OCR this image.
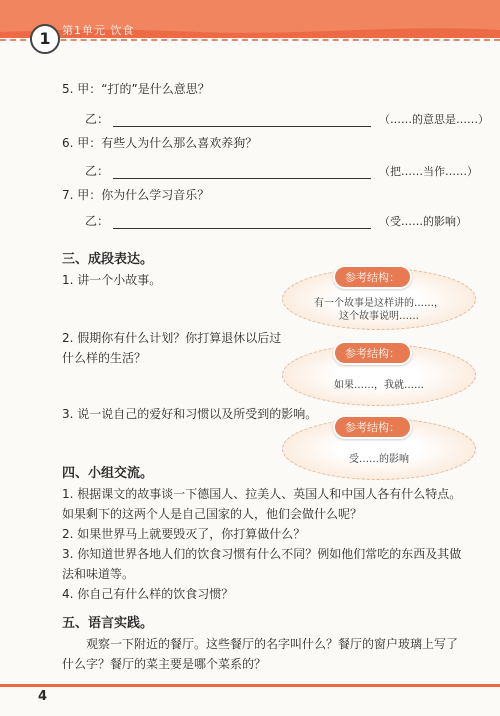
1	第1单元 饮食
5. 甲：“打的”是什么意思？
乙：	（……的意思是……）
6. 甲：有些人为什么那么喜欢养狗？
乙：	（把……当作……）
7. 甲：你为什么学习音乐？
乙：	（受……的影响）
三、成段表达。
1. 讲一个小故事。
2. 假期你有什么计划？你打算退休以后过什么样的生活？
3. 说一说自己的爱好和习惯以及所受到的影响。
参考结构：
有一个故事是这样讲的……，
这个故事说明……
参考结构：
如果……，我就……
参考结构：
受……的影响
四、小组交流。
1. 根据课文的故事谈一下德国人、拉美人、英国人和中国人各有什么特点。如果剩下的这两个人是自己国家的人，他们会做什么呢？
2. 如果世界马上就要毁灭了，你打算做什么？
3. 你知道世界各地人们的饮食习惯有什么不同？例如他们常吃的东西及其做法和味道等。
4. 你自己有什么样的饮食习惯？
五、语言实践。
观察一下附近的餐厅。这些餐厅的名字叫什么？餐厅的窗户玻璃上写了什么字？餐厅的菜主要是哪个菜系的？
4
